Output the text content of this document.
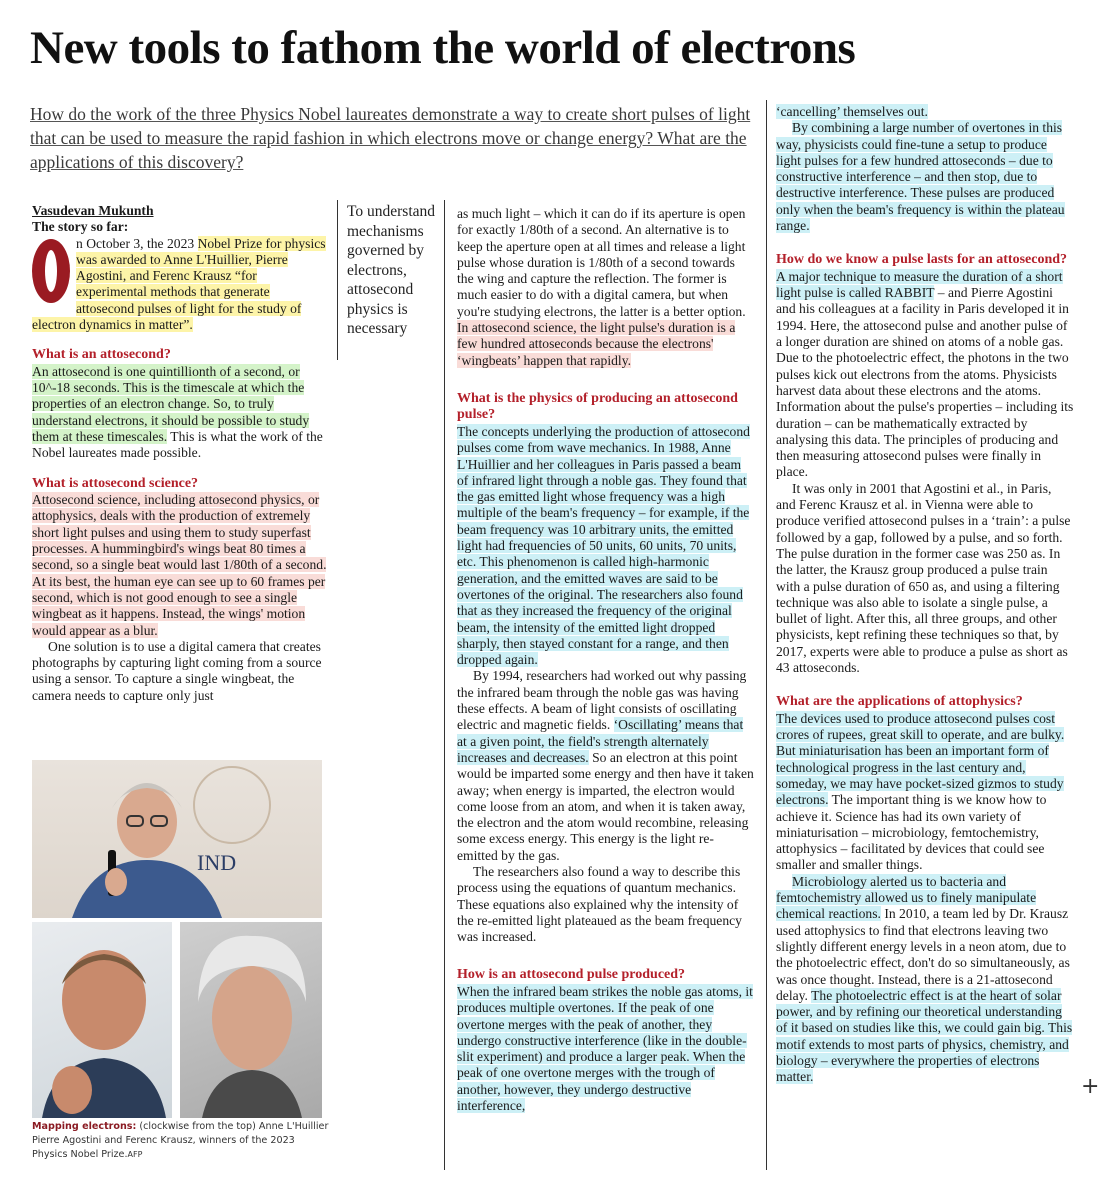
New tools to fathom the world of electrons
How do the work of the three Physics Nobel laureates demonstrate a way to create short pulses of light that can be used to measure the rapid fashion in which electrons move or change energy? What are the applications of this discovery?

Vasudevan Mukunth

The story so far:

n October 3, the 2023 Nobel Prize for physics was awarded to Anne L'Huillier, Pierre Agostini, and Ferenc Krausz “for experimental methods that generate attosecond pulses of light for the study of electron dynamics in matter”.

What is an attosecond?

An attosecond is one quintillionth of a second, or 10^-18 seconds. This is the timescale at which the properties of an electron change. So, to truly understand electrons, it should be possible to study them at these timescales. This is what the work of the Nobel laureates made possible.

What is attosecond science?

Attosecond science, including attosecond physics, or attophysics, deals with the production of extremely short light pulses and using them to study superfast processes. A hummingbird's wings beat 80 times a second, so a single beat would last 1/80th of a second. At its best, the human eye can see up to 60 frames per second, which is not good enough to see a single wingbeat as it happens. Instead, the wings' motion would appear as a blur.

One solution is to use a digital camera that creates photographs by capturing light coming from a source using a sensor. To capture a single wingbeat, the camera needs to capture only just

IND
Mapping electrons: (clockwise from the top) Anne L'Huillier Pierre Agostini and Ferenc Krausz, winners of the 2023 Physics Nobel Prize.AFP
To understand mechanisms governed by electrons, attosecond physics is necessary

as much light – which it can do if its aperture is open for exactly 1/80th of a second. An alternative is to keep the aperture open at all times and release a light pulse whose duration is 1/80th of a second towards the wing and capture the reflection. The former is much easier to do with a digital camera, but when you're studying electrons, the latter is a better option. In attosecond science, the light pulse's duration is a few hundred attoseconds because the electrons' ‘wingbeats’ happen that rapidly.

What is the physics of producing an attosecond pulse?

The concepts underlying the production of attosecond pulses come from wave mechanics. In 1988, Anne L'Huillier and her colleagues in Paris passed a beam of infrared light through a noble gas. They found that the gas emitted light whose frequency was a high multiple of the beam's frequency – for example, if the beam frequency was 10 arbitrary units, the emitted light had frequencies of 50 units, 60 units, 70 units, etc. This phenomenon is called high-harmonic generation, and the emitted waves are said to be overtones of the original. The researchers also found that as they increased the frequency of the original beam, the intensity of the emitted light dropped sharply, then stayed constant for a range, and then dropped again.

By 1994, researchers had worked out why passing the infrared beam through the noble gas was having these effects. A beam of light consists of oscillating electric and magnetic fields. ‘Oscillating’ means that at a given point, the field's strength alternately increases and decreases. So an electron at this point would be imparted some energy and then have it taken away; when energy is imparted, the electron would come loose from an atom, and when it is taken away, the electron and the atom would recombine, releasing some excess energy. This energy is the light re-emitted by the gas.

The researchers also found a way to describe this process using the equations of quantum mechanics. These equations also explained why the intensity of the re-emitted light plateaued as the beam frequency was increased.

How is an attosecond pulse produced?

When the infrared beam strikes the noble gas atoms, it produces multiple overtones. If the peak of one overtone merges with the peak of another, they undergo constructive interference (like in the double-slit experiment) and produce a larger peak. When the peak of one overtone merges with the trough of another, however, they undergo destructive interference,

‘cancelling’ themselves out.

By combining a large number of overtones in this way, physicists could fine-tune a setup to produce light pulses for a few hundred attoseconds – due to constructive interference – and then stop, due to destructive interference. These pulses are produced only when the beam's frequency is within the plateau range.

How do we know a pulse lasts for an attosecond?

A major technique to measure the duration of a short light pulse is called RABBIT – and Pierre Agostini and his colleagues at a facility in Paris developed it in 1994. Here, the attosecond pulse and another pulse of a longer duration are shined on atoms of a noble gas. Due to the photoelectric effect, the photons in the two pulses kick out electrons from the atoms. Physicists harvest data about these electrons and the atoms. Information about the pulse's properties – including its duration – can be mathematically extracted by analysing this data. The principles of producing and then measuring attosecond pulses were finally in place.

It was only in 2001 that Agostini et al., in Paris, and Ferenc Krausz et al. in Vienna were able to produce verified attosecond pulses in a ‘train’: a pulse followed by a gap, followed by a pulse, and so forth. The pulse duration in the former case was 250 as. In the latter, the Krausz group produced a pulse train with a pulse duration of 650 as, and using a filtering technique was also able to isolate a single pulse, a bullet of light. After this, all three groups, and other physicists, kept refining these techniques so that, by 2017, experts were able to produce a pulse as short as 43 attoseconds.

What are the applications of attophysics?

The devices used to produce attosecond pulses cost crores of rupees, great skill to operate, and are bulky. But miniaturisation has been an important form of technological progress in the last century and, someday, we may have pocket-sized gizmos to study electrons. The important thing is we know how to achieve it. Science has had its own variety of miniaturisation – microbiology, femtochemistry, attophysics – facilitated by devices that could see smaller and smaller things.

Microbiology alerted us to bacteria and femtochemistry allowed us to finely manipulate chemical reactions. In 2010, a team led by Dr. Krausz used attophysics to find that electrons leaving two slightly different energy levels in a neon atom, due to the photoelectric effect, don't do so simultaneously, as was once thought. Instead, there is a 21-attosecond delay. The photoelectric effect is at the heart of solar power, and by refining our theoretical understanding of it based on studies like this, we could gain big. This motif extends to most parts of physics, chemistry, and biology – everywhere the properties of electrons matter.	+
